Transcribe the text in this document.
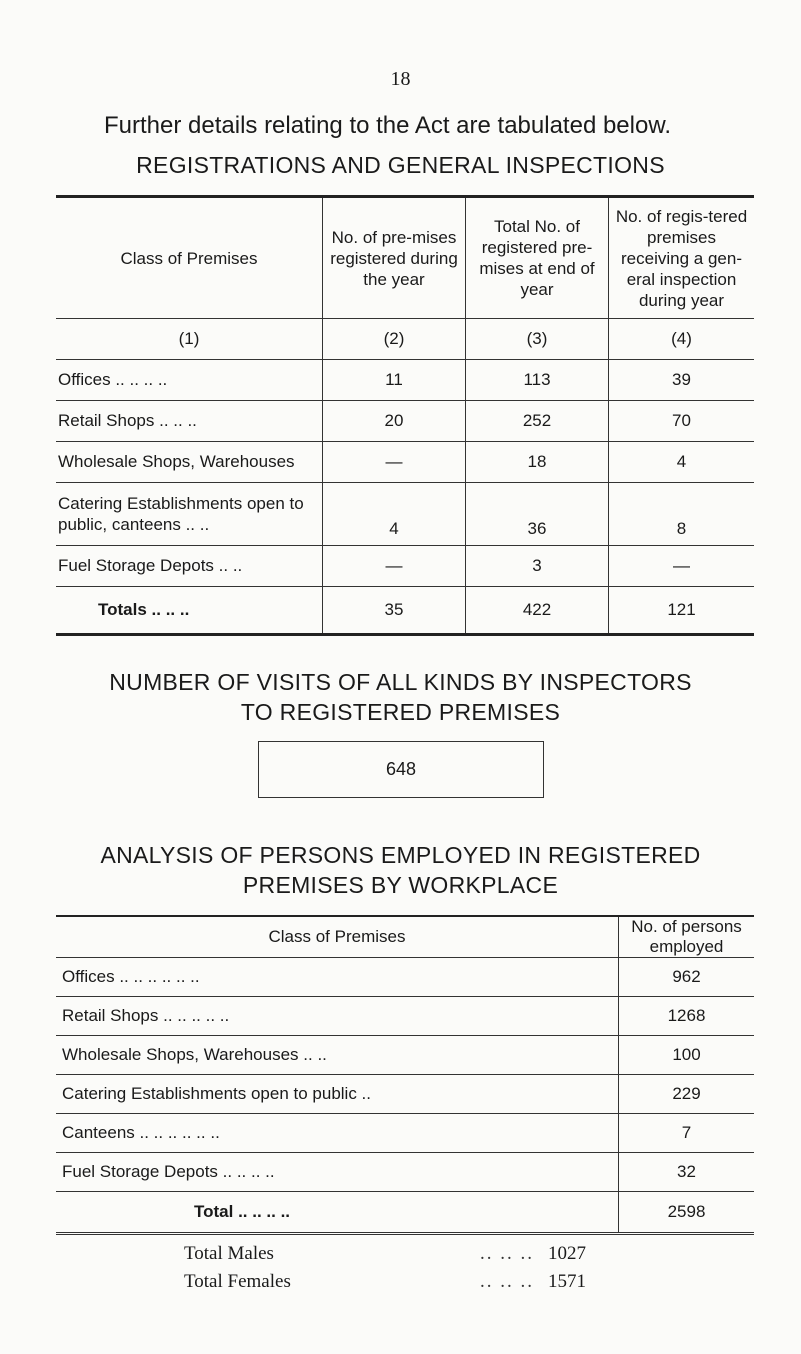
18
Further details relating to the Act are tabulated below.
REGISTRATIONS AND GENERAL INSPECTIONS
Class of Premises	No. of pre-mises registered during the year	Total No. of registered pre-mises at end of year	No. of regis-tered premises receiving a gen-eral inspection during year
(1)	(2)	(3)	(4)
Offices .. .. .. ..	11	113	39
Retail Shops .. .. ..	20	252	70
Wholesale Shops, Warehouses	—	18	4
Catering Establishments open to public, canteens .. ..	4	36	8
Fuel Storage Depots .. ..	—	3	—
Totals .. .. ..	35	422	121
NUMBER OF VISITS OF ALL KINDS BY INSPECTORS
TO REGISTERED PREMISES
648
ANALYSIS OF PERSONS EMPLOYED IN REGISTERED
PREMISES BY WORKPLACE
Class of Premises	No. of persons employed
Offices .. .. .. .. .. ..	962
Retail Shops .. .. .. .. ..	1268
Wholesale Shops, Warehouses .. ..	100
Catering Establishments open to public ..	229
Canteens .. .. .. .. .. ..	7
Fuel Storage Depots .. .. .. ..	32
Total .. .. .. ..	2598
Total Males	.. .. .. 1027
Total Females	.. .. .. 1571
